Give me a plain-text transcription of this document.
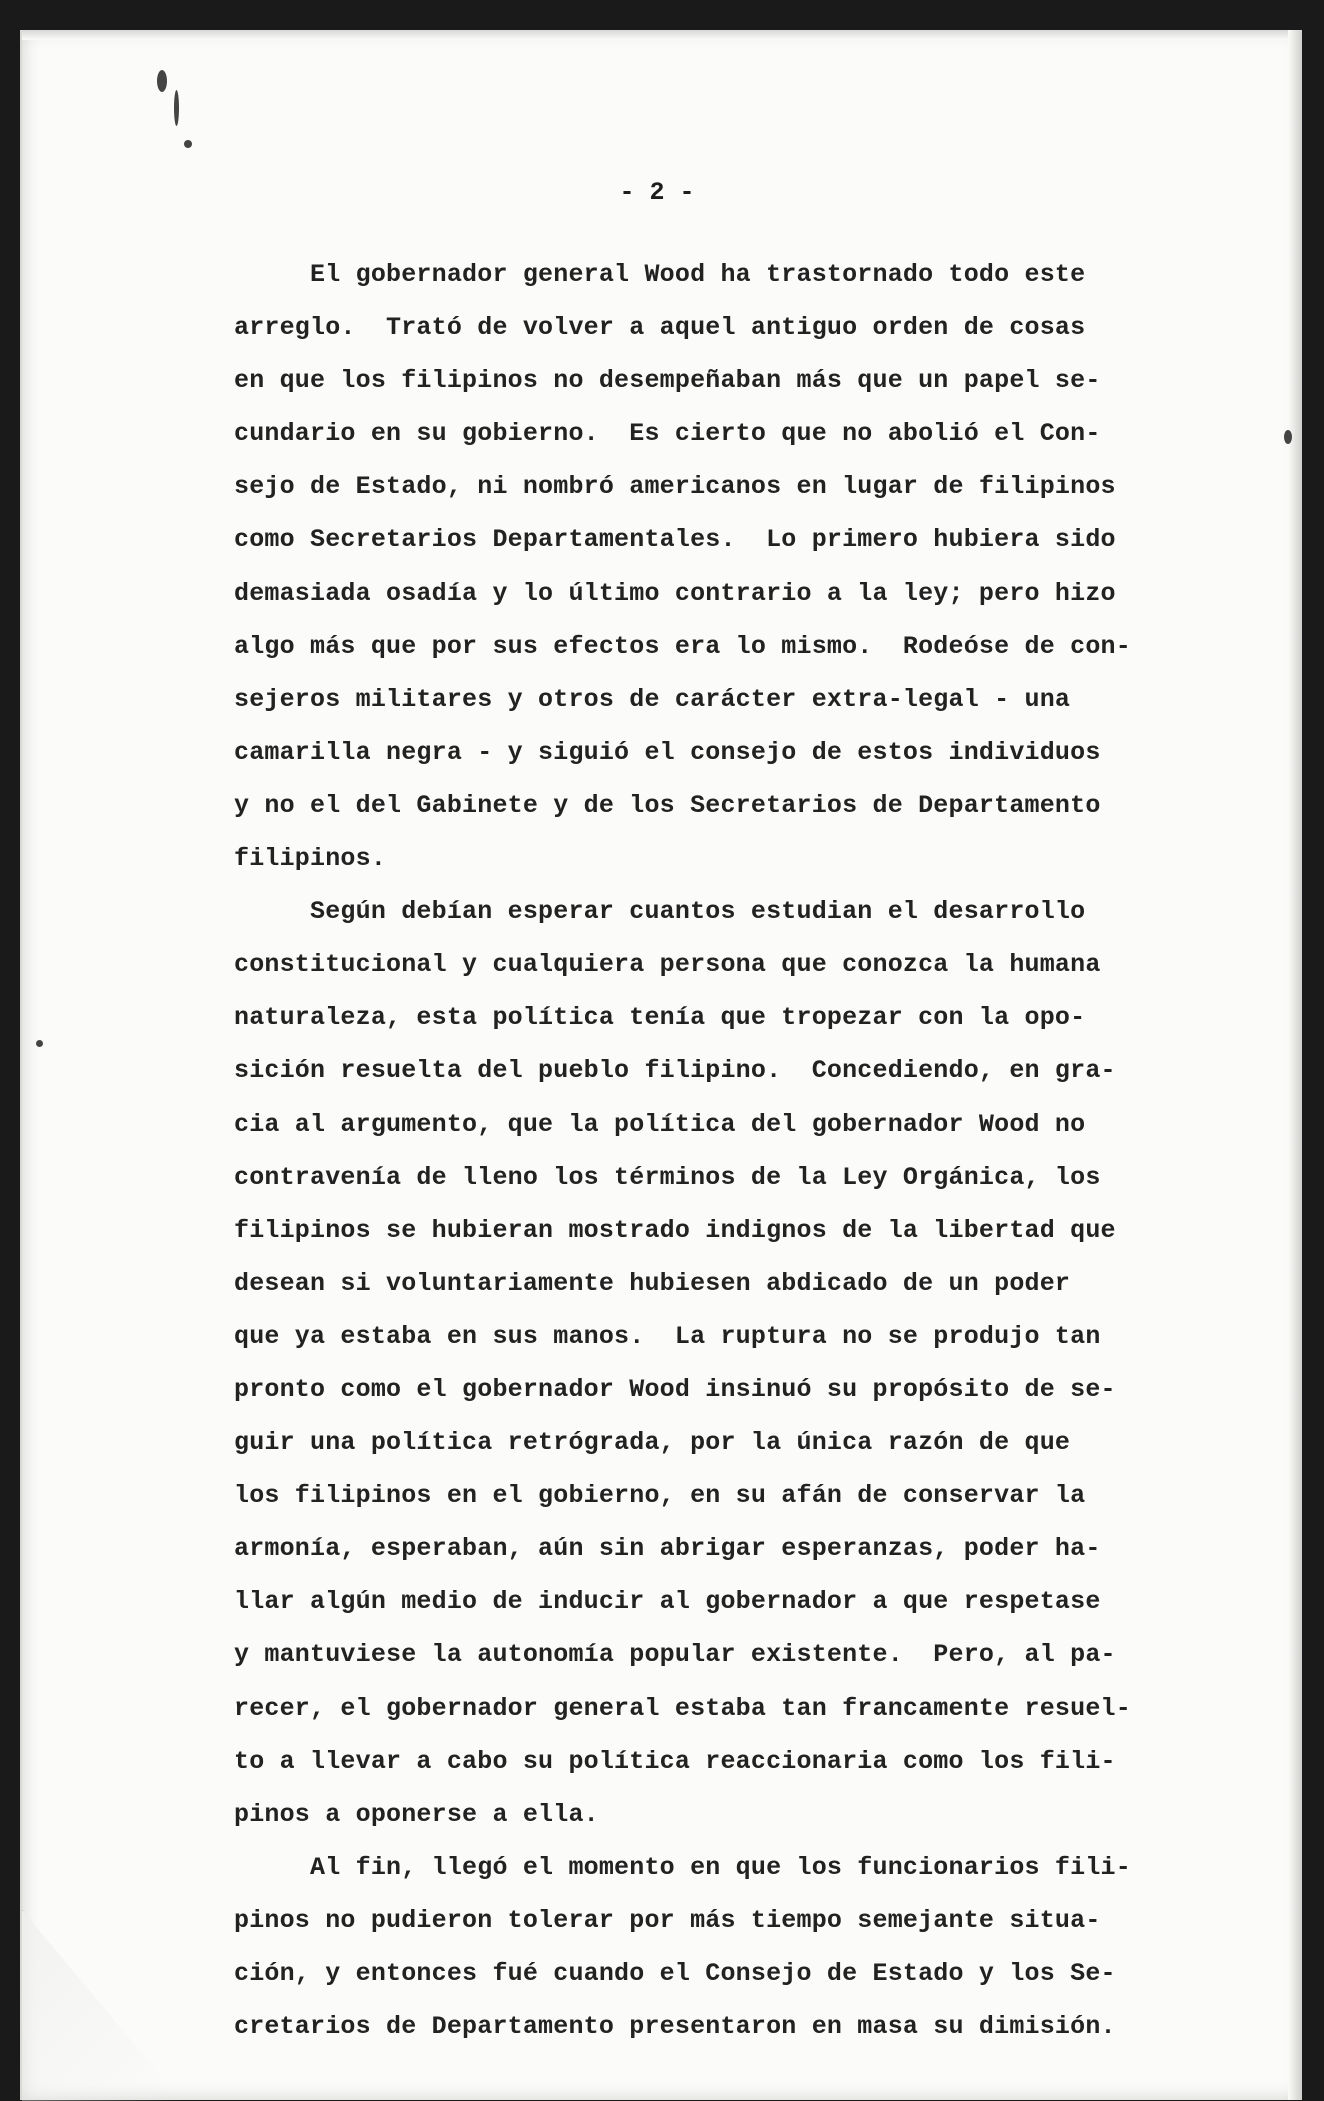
- 2 -
El gobernador general Wood ha trastornado todo este
arreglo.  Trató de volver a aquel antiguo orden de cosas
en que los filipinos no desempeñaban más que un papel se-
cundario en su gobierno.  Es cierto que no abolió el Con-
sejo de Estado, ni nombró americanos en lugar de filipinos
como Secretarios Departamentales.  Lo primero hubiera sido
demasiada osadía y lo último contrario a la ley; pero hizo
algo más que por sus efectos era lo mismo.  Rodeóse de con-
sejeros militares y otros de carácter extra-legal - una
camarilla negra - y siguió el consejo de estos individuos
y no el del Gabinete y de los Secretarios de Departamento
filipinos.
Según debían esperar cuantos estudian el desarrollo
constitucional y cualquiera persona que conozca la humana
naturaleza, esta política tenía que tropezar con la opo-
sición resuelta del pueblo filipino.  Concediendo, en gra-
cia al argumento, que la política del gobernador Wood no
contravenía de lleno los términos de la Ley Orgánica, los
filipinos se hubieran mostrado indignos de la libertad que
desean si voluntariamente hubiesen abdicado de un poder
que ya estaba en sus manos.  La ruptura no se produjo tan
pronto como el gobernador Wood insinuó su propósito de se-
guir una política retrógrada, por la única razón de que
los filipinos en el gobierno, en su afán de conservar la
armonía, esperaban, aún sin abrigar esperanzas, poder ha-
llar algún medio de inducir al gobernador a que respetase
y mantuviese la autonomía popular existente.  Pero, al pa-
recer, el gobernador general estaba tan francamente resuel-
to a llevar a cabo su política reaccionaria como los fili-
pinos a oponerse a ella.
Al fin, llegó el momento en que los funcionarios fili-
pinos no pudieron tolerar por más tiempo semejante situa-
ción, y entonces fué cuando el Consejo de Estado y los Se-
cretarios de Departamento presentaron en masa su dimisión.
